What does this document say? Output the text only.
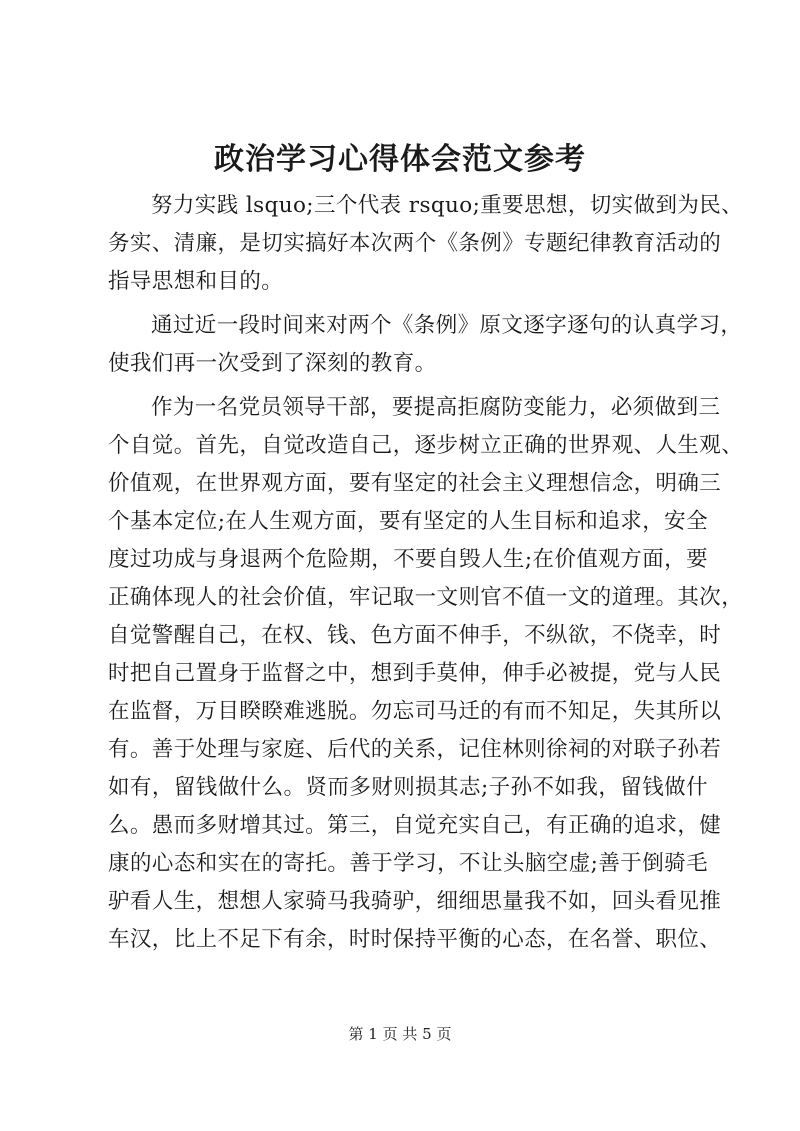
政治学习心得体会范文参考
努力实践 lsquo;三个代表 rsquo;重要思想，切实做到为民、
务实、清廉，是切实搞好本次两个《条例》专题纪律教育活动的
指导思想和目的。
通过近一段时间来对两个《条例》原文逐字逐句的认真学习，
使我们再一次受到了深刻的教育。
作为一名党员领导干部，要提高拒腐防变能力，必须做到三
个自觉。首先，自觉改造自己，逐步树立正确的世界观、人生观、
价值观，在世界观方面，要有坚定的社会主义理想信念，明确三
个基本定位;在人生观方面，要有坚定的人生目标和追求，安全
度过功成与身退两个危险期，不要自毁人生;在价值观方面，要
正确体现人的社会价值，牢记取一文则官不值一文的道理。其次，
自觉警醒自己，在权、钱、色方面不伸手，不纵欲，不侥幸，时
时把自己置身于监督之中，想到手莫伸，伸手必被提，党与人民
在监督，万目睽睽难逃脱。勿忘司马迁的有而不知足，失其所以
有。善于处理与家庭、后代的关系，记住林则徐祠的对联子孙若
如有，留钱做什么。贤而多财则损其志;子孙不如我，留钱做什
么。愚而多财增其过。第三，自觉充实自己，有正确的追求，健
康的心态和实在的寄托。善于学习，不让头脑空虚;善于倒骑毛
驴看人生，想想人家骑马我骑驴，细细思量我不如，回头看见推
车汉，比上不足下有余，时时保持平衡的心态，在名誉、职位、
第 1 页 共 5 页
